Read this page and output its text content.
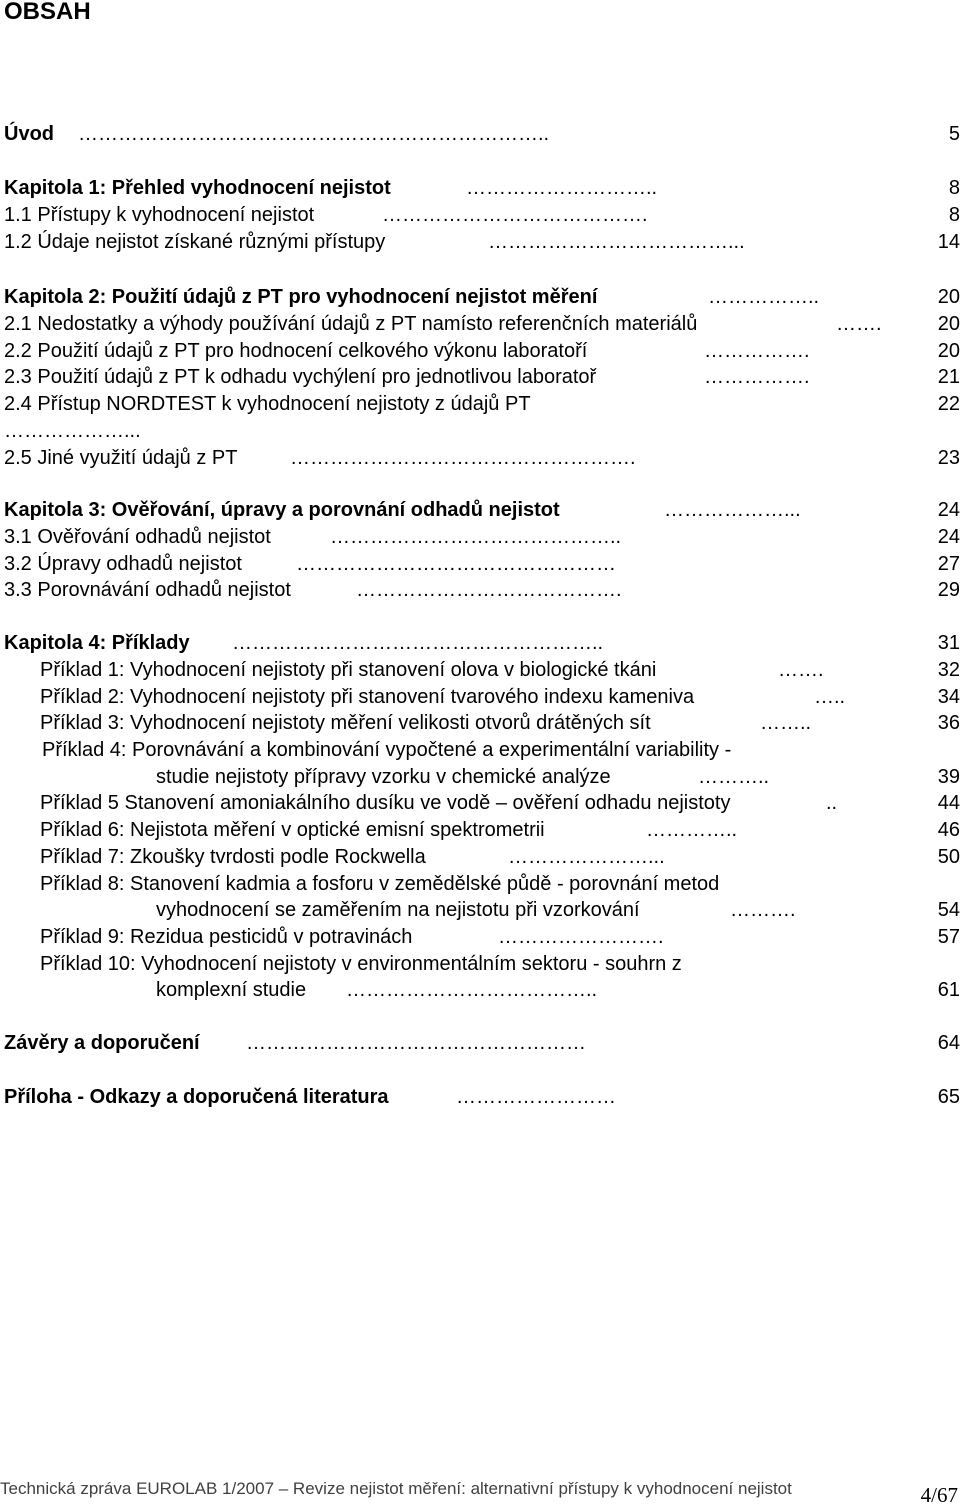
OBSAH
Úvod ……………………………………………………………..	5
Kapitola 1: Přehled vyhodnocení nejistot	………………………..	8
1.1 Přístupy k vyhodnocení nejistot	………………………………….	8
1.2 Údaje nejistot získané různými přístupy	………………………………...	14
Kapitola 2: Použití údajů z PT pro vyhodnocení nejistot měření	……………..	20
2.1 Nedostatky a výhody používání údajů z PT namísto referenčních materiálů	…….	20
2.2 Použití údajů z PT pro hodnocení celkového výkonu laboratoří	…………….	20
2.3 Použití údajů z PT k odhadu vychýlení pro jednotlivou laboratoř	…………….	21
2.4 Přístup NORDTEST k vyhodnocení nejistoty z údajů PT	22
………………...
2.5 Jiné využití údajů z PT	…………………………………………….	23
Kapitola 3: Ověřování, úpravy a porovnání odhadů nejistot	………………...	24
3.1 Ověřování odhadů nejistot	……………………………………..	24
3.2 Úpravy odhadů nejistot	…………………………………………	27
3.3 Porovnávání odhadů nejistot	………………………………….	29
Kapitola 4: Příklady ………………………………………………..	31
Příklad 1: Vyhodnocení nejistoty při stanovení olova v biologické tkáni	…….	32
Příklad 2: Vyhodnocení nejistoty při stanovení tvarového indexu kameniva	…..	34
Příklad 3: Vyhodnocení nejistoty měření velikosti otvorů drátěných sít	……..	36
Příklad 4: Porovnávání a kombinování vypočtené a experimentální variability -
studie nejistoty přípravy vzorku v chemické analýze	………..	39
Příklad 5 Stanovení amoniakálního dusíku ve vodě – ověření odhadu nejistoty	..	44
Příklad 6: Nejistota měření v optické emisní spektrometrii	…………..	46
Příklad 7: Zkoušky tvrdosti podle Rockwella	…………………...	50
Příklad 8: Stanovení kadmia a fosforu v zemědělské půdě - porovnání metod
vyhodnocení se zaměřením na nejistotu při vzorkování	……….	54
Příklad 9: Rezidua pesticidů v potravinách	…………………….	57
Příklad 10: Vyhodnocení nejistoty v environmentálním sektoru - souhrn z
komplexní studie ………………………………..	61
Závěry a doporučení ……………………………………………	64
Příloha - Odkazy a doporučená literatura	……………………	65
Technická zpráva EUROLAB 1/2007 – Revize nejistot měření: alternativní přístupy k vyhodnocení nejistot	4/67
